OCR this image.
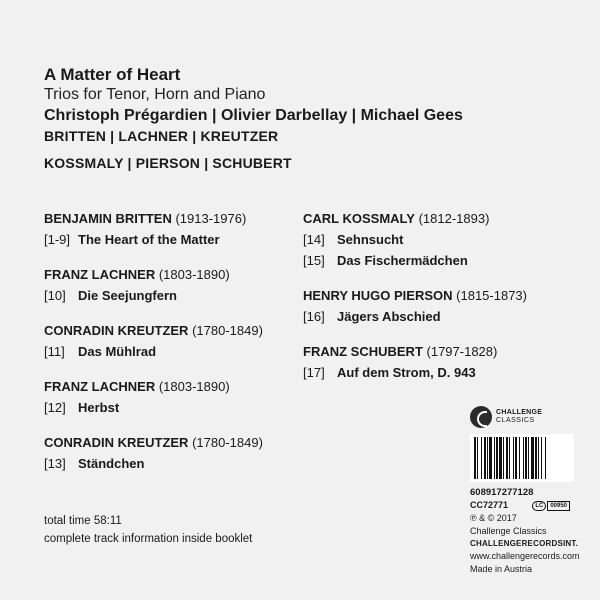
A Matter of Heart
Trios for Tenor, Horn and Piano
Christoph Prégardien | Olivier Darbellay | Michael Gees
BRITTEN | LACHNER | KREUTZER
KOSSMALY | PIERSON | SCHUBERT
BENJAMIN BRITTEN (1913-1976)
[1-9] The Heart of the Matter
FRANZ LACHNER (1803-1890)
[10] Die Seejungfern
CONRADIN KREUTZER (1780-1849)
[11] Das Mühlrad
FRANZ LACHNER (1803-1890)
[12] Herbst
CONRADIN KREUTZER (1780-1849)
[13] Ständchen
CARL KOSSMALY (1812-1893)
[14] Sehnsucht
[15] Das Fischermädchen
HENRY HUGO PIERSON (1815-1873)
[16] Jägers Abschied
FRANZ SCHUBERT (1797-1828)
[17] Auf dem Strom, D. 943
total time 58:11
complete track information inside booklet
CHALLENGE
CLASSICS
608917277128
CC72771	LC	00950
℗ & © 2017
Challenge Classics
CHALLENGERECORDSINT.
www.challengerecords.com
Made in Austria
